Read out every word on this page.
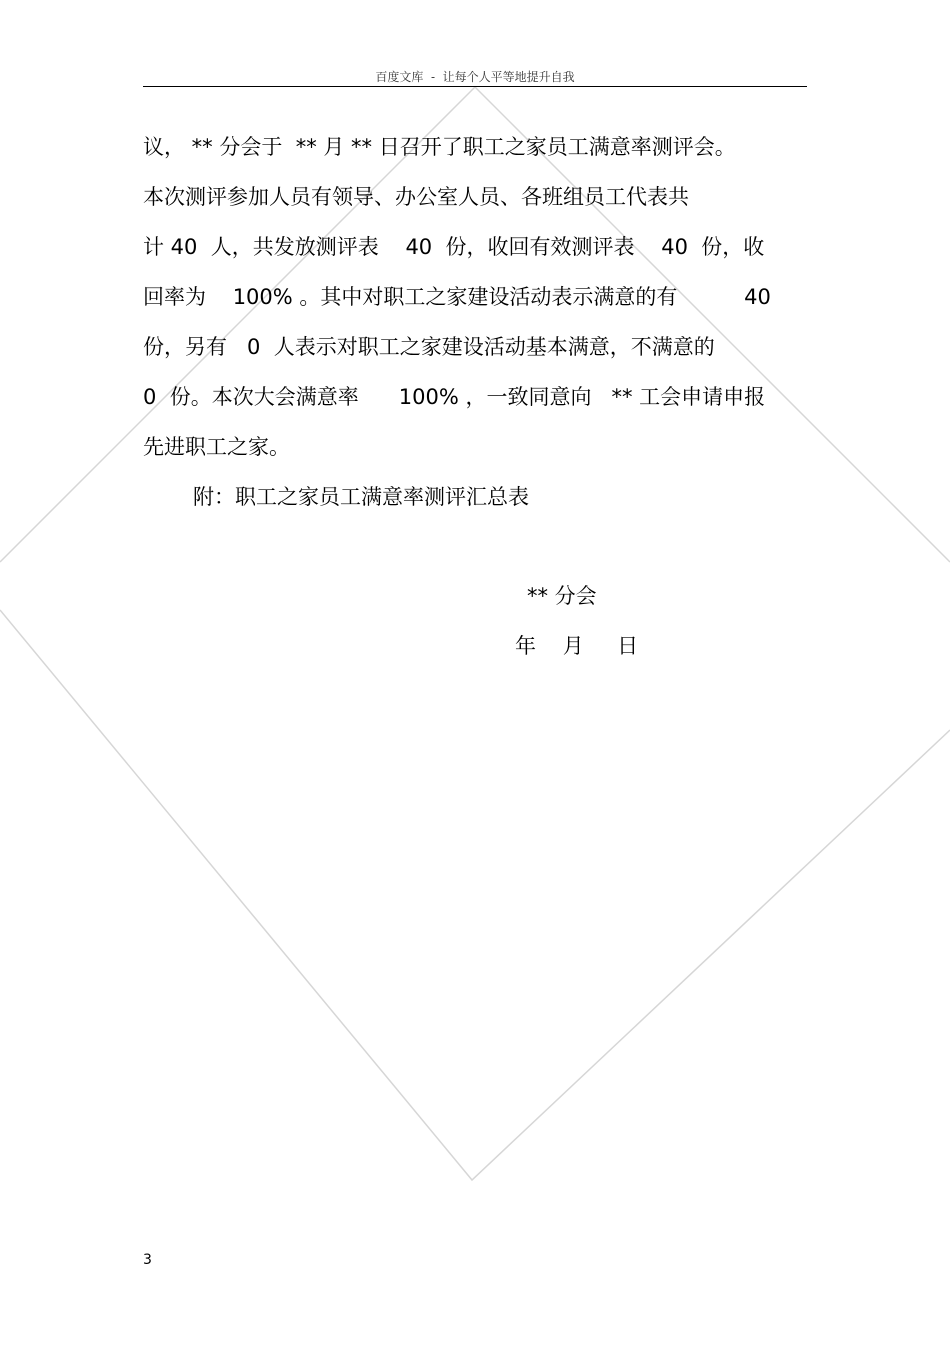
百度文库  -  让每个人平等地提升自我
议， ** 分会于  ** 月 ** 日召开了职工之家员工满意率测评会。
本次测评参加人员有领导、办公室人员、各班组员工代表共
计 40  人，共发放测评表    40  份，收回有效测评表    40  份，收
回率为    100% 。其中对职工之家建设活动表示满意的有          40
份，另有   0  人表示对职工之家建设活动基本满意，不满意的
0  份。本次大会满意率      100% ，一致同意向   ** 工会申请申报
先进职工之家。
附：职工之家员工满意率测评汇总表
** 分会
年    月     日
3
